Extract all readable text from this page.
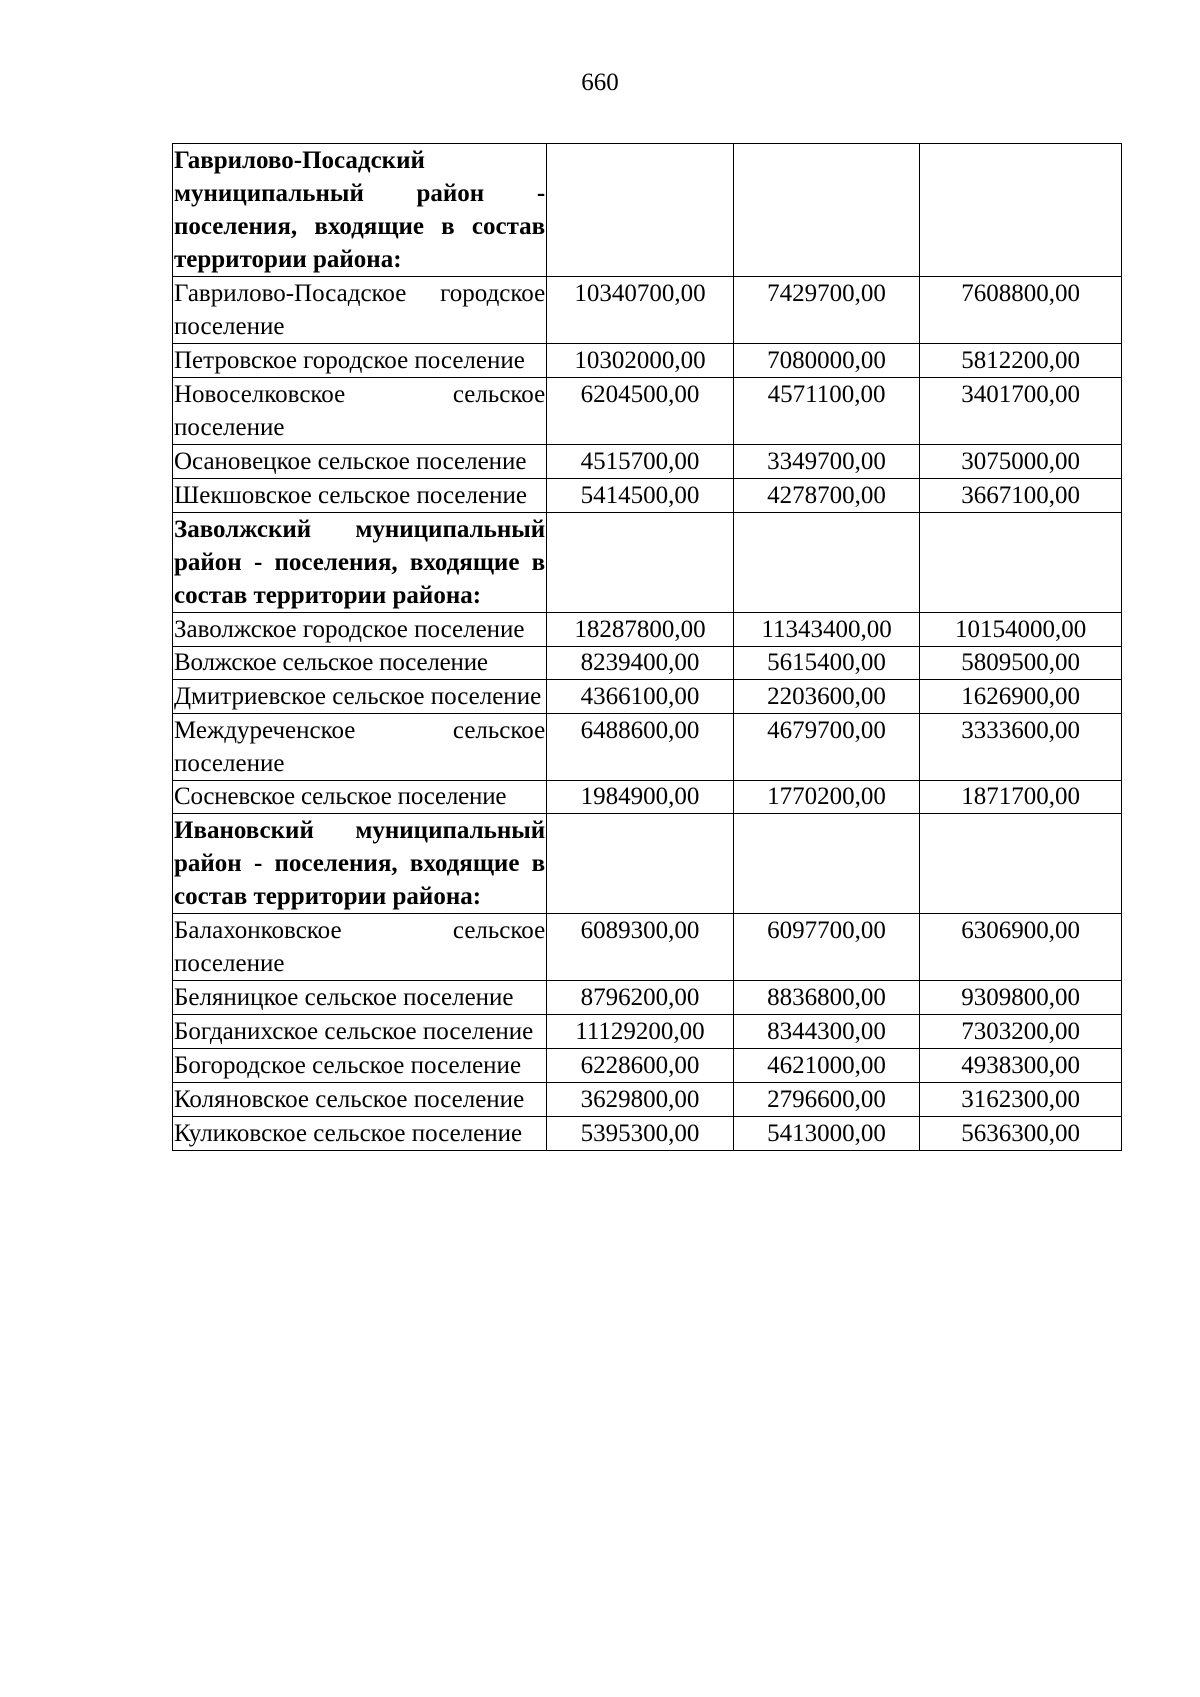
660
Гаврилово-Посадский муниципальный район - поселения, входящие в состав территории района:			
Гаврилово-Посадское городское поселение	10340700,00	7429700,00	7608800,00
Петровское городское поселение	10302000,00	7080000,00	5812200,00
Новоселковское сельское поселение	6204500,00	4571100,00	3401700,00
Осановецкое сельское поселение	4515700,00	3349700,00	3075000,00
Шекшовское сельское поселение	5414500,00	4278700,00	3667100,00
Заволжский муниципальный район - поселения, входящие в состав территории района:			
Заволжское городское поселение	18287800,00	11343400,00	10154000,00
Волжское сельское поселение	8239400,00	5615400,00	5809500,00
Дмитриевское сельское поселение	4366100,00	2203600,00	1626900,00
Междуреченское сельское поселение	6488600,00	4679700,00	3333600,00
Сосневское сельское поселение	1984900,00	1770200,00	1871700,00
Ивановский муниципальный район - поселения, входящие в состав территории района:			
Балахонковское сельское поселение	6089300,00	6097700,00	6306900,00
Беляницкое сельское поселение	8796200,00	8836800,00	9309800,00
Богданихское сельское поселение	11129200,00	8344300,00	7303200,00
Богородское сельское поселение	6228600,00	4621000,00	4938300,00
Коляновское сельское поселение	3629800,00	2796600,00	3162300,00
Куликовское сельское поселение	5395300,00	5413000,00	5636300,00
